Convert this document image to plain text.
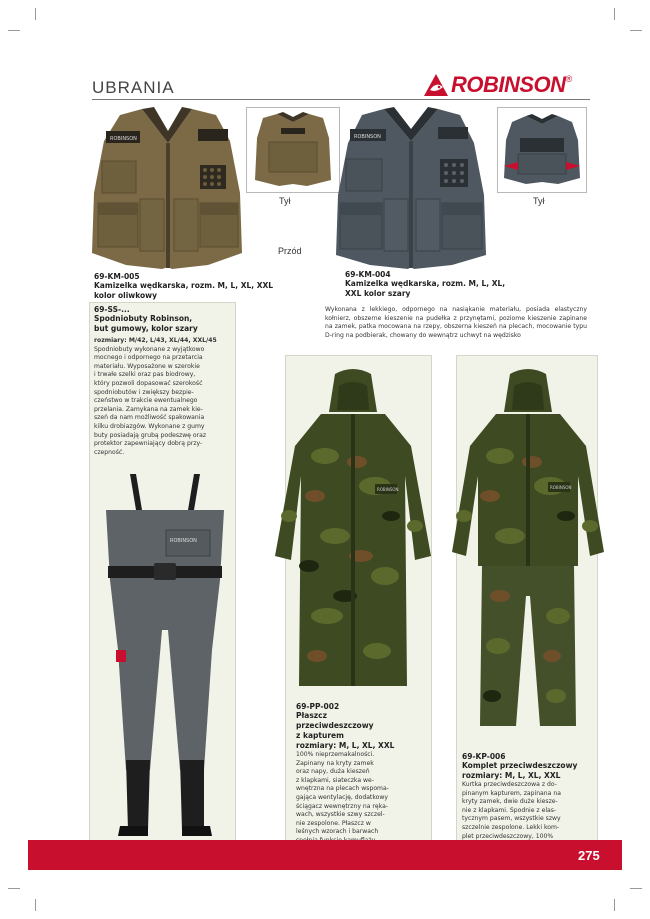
UBRANIA	ROBINSON ®
ROBINSON
Tył
Przód
ROBINSON
Tył
69-KM-005
Kamizelka wędkarska, rozm. M, L, XL, XXL
kolor oliwkowy
69-KM-004
Kamizelka wędkarska, rozm. M, L, XL,
XXL kolor szary
Wykonana z lekkiego, odpornego na nasiąkanie materiału, posiada elastyczny kołnierz, obszerne kieszenie na pudełka z przynętami, poziome kieszenie zapinane na zamek, patka mocowana na rzepy, obszerna kieszeń na plecach, mocowanie typu D-ring na podbierak, chowany do wewnątrz uchwyt na wędzisko
69-SS-...
Spodniobuty Robinson,
but gumowy, kolor szary
rozmiary: M/42, L/43, XL/44, XXL/45
Spodniobuty wykonane z wyjątkowo
mocnego i odpornego na przetarcia
materiału. Wyposażone w szerokie
i trwałe szelki oraz pas biodrowy,
który pozwoli dopasować szerokość
spodniobutów i zwiększy bezpie-
czeństwo w trakcie ewentualnego
przelania. Zamykana na zamek kie-
szeń da nam możliwość spakowania
kilku drobiazgów. Wykonane z gumy
buty posiadają grubą podeszwę oraz
protektor zapewniający dobrą przy-
czepność.
ROBINSON
ROBINSON
69-PP-002
Płaszcz
przeciwdeszczowy
z kapturem
rozmiary: M, L, XL, XXL
100% nieprzemakalności.
Zapinany na kryty zamek
oraz napy, duża kieszeń
z klapkami, siateczka we-
wnętrzna na plecach wspoma-
gająca wentylację, dodatkowy
ściągacz wewnętrzny na ręka-
wach, wszystkie szwy szczel-
nie zespolone. Płaszcz w
leśnych wzorach i barwach
ROBINSON
69-KP-006
Komplet przeciwdeszczowy
rozmiary: M, L, XL, XXL
Kurtka przeciwdeszczowa z do-
pinanym kapturem, zapinana na
kryty zamek, dwie duże kiesze-
nie z klapkami. Spodnie z elas-
tycznym pasem, wszystkie szwy
szczelnie zespolone. Lekki kom-
plet przeciwdeszczowy, 100%
275
